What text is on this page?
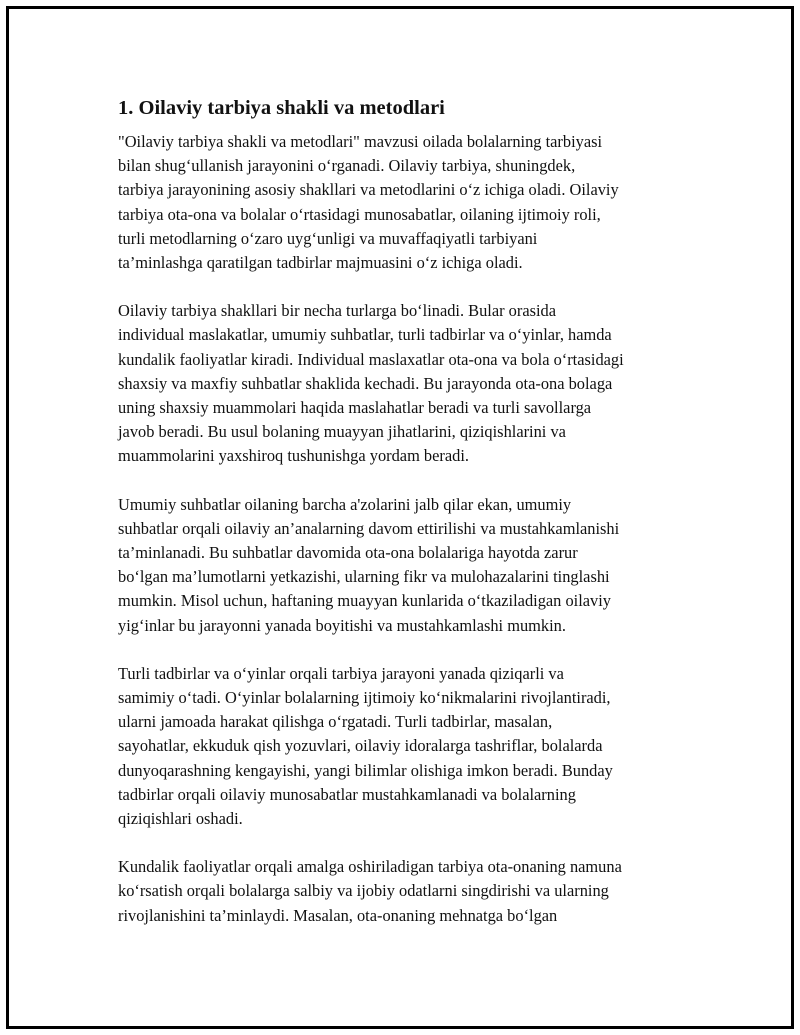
1. Oilaviy tarbiya shakli va metodlari

"Oilaviy tarbiya shakli va metodlari" mavzusi oilada bolalarning tarbiyasi
bilan shug‘ullanish jarayonini o‘rganadi. Oilaviy tarbiya, shuningdek,
tarbiya jarayonining asosiy shakllari va metodlarini o‘z ichiga oladi. Oilaviy
tarbiya ota-ona va bolalar o‘rtasidagi munosabatlar, oilaning ijtimoiy roli,
turli metodlarning o‘zaro uyg‘unligi va muvaffaqiyatli tarbiyani
ta’minlashga qaratilgan tadbirlar majmuasini o‘z ichiga oladi.

Oilaviy tarbiya shakllari bir necha turlarga bo‘linadi. Bular orasida
individual maslakatlar, umumiy suhbatlar, turli tadbirlar va o‘yinlar, hamda
kundalik faoliyatlar kiradi. Individual maslaxatlar ota-ona va bola o‘rtasidagi
shaxsiy va maxfiy suhbatlar shaklida kechadi. Bu jarayonda ota-ona bolaga
uning shaxsiy muammolari haqida maslahatlar beradi va turli savollarga
javob beradi. Bu usul bolaning muayyan jihatlarini, qiziqishlarini va
muammolarini yaxshiroq tushunishga yordam beradi.

Umumiy suhbatlar oilaning barcha a'zolarini jalb qilar ekan, umumiy
suhbatlar orqali oilaviy an’analarning davom ettirilishi va mustahkamlanishi
ta’minlanadi. Bu suhbatlar davomida ota-ona bolalariga hayotda zarur
bo‘lgan ma’lumotlarni yetkazishi, ularning fikr va mulohazalarini tinglashi
mumkin. Misol uchun, haftaning muayyan kunlarida o‘tkaziladigan oilaviy
yig‘inlar bu jarayonni yanada boyitishi va mustahkamlashi mumkin.

Turli tadbirlar va o‘yinlar orqali tarbiya jarayoni yanada qiziqarli va
samimiy o‘tadi. O‘yinlar bolalarning ijtimoiy ko‘nikmalarini rivojlantiradi,
ularni jamoada harakat qilishga o‘rgatadi. Turli tadbirlar, masalan,
sayohatlar, ekkuduk qish yozuvlari, oilaviy idoralarga tashriflar, bolalarda
dunyoqarashning kengayishi, yangi bilimlar olishiga imkon beradi. Bunday
tadbirlar orqali oilaviy munosabatlar mustahkamlanadi va bolalarning
qiziqishlari oshadi.

Kundalik faoliyatlar orqali amalga oshiriladigan tarbiya ota-onaning namuna
ko‘rsatish orqali bolalarga salbiy va ijobiy odatlarni singdirishi va ularning
rivojlanishini ta’minlaydi. Masalan, ota-onaning mehnatga bo‘lgan
